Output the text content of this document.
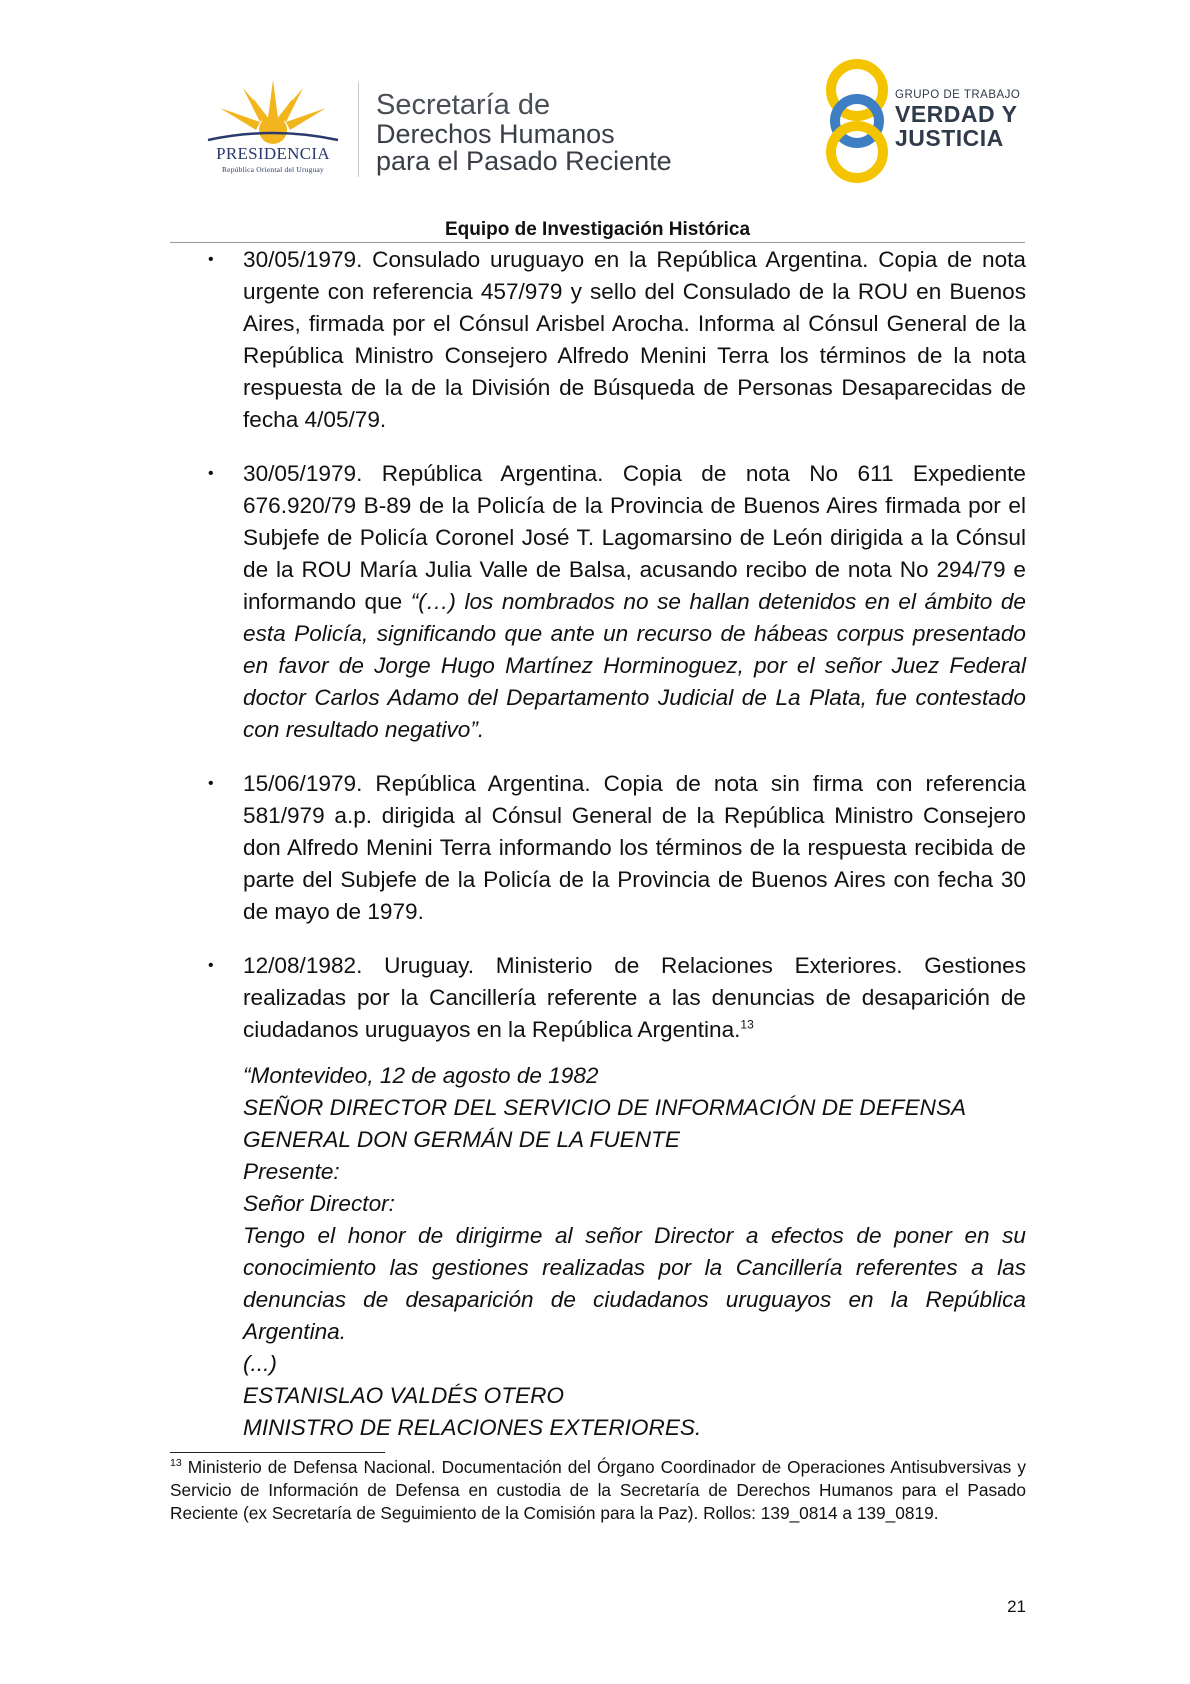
PRESIDENCIA
República Oriental del Uruguay
Secretaría de
Derechos Humanos
para el Pasado Reciente
GRUPO DE TRABAJO
VERDAD Y
JUSTICIA
Equipo de Investigación Histórica
• 30/05/1979. Consulado uruguayo en la República Argentina. Copia de nota urgente con referencia 457/979 y sello del Consulado de la ROU en Buenos Aires, firmada por el Cónsul Arisbel Arocha. Informa al Cónsul General de la República Ministro Consejero Alfredo Menini Terra los términos de la nota respuesta de la de la División de Búsqueda de Personas Desaparecidas de fecha 4/05/79.

• 30/05/1979. República Argentina. Copia de nota No 611 Expediente 676.920/79 B-89 de la Policía de la Provincia de Buenos Aires firmada por el Subjefe de Policía Coronel José T. Lagomarsino de León dirigida a la Cónsul de la ROU María Julia Valle de Balsa, acusando recibo de nota No 294/79 e informando que “(…) los nombrados no se hallan detenidos en el ámbito de esta Policía, significando que ante un recurso de hábeas corpus presentado en favor de Jorge Hugo Martínez Horminoguez, por el señor Juez Federal doctor Carlos Adamo del Departamento Judicial de La Plata, fue contestado con resultado negativo”.

• 15/06/1979. República Argentina. Copia de nota sin firma con referencia 581/979 a.p. dirigida al Cónsul General de la República Ministro Consejero don Alfredo Menini Terra informando los términos de la respuesta recibida de parte del Subjefe de la Policía de la Provincia de Buenos Aires con fecha 30 de mayo de 1979.

• 12/08/1982. Uruguay. Ministerio de Relaciones Exteriores. Gestiones realizadas por la Cancillería referente a las denuncias de desaparición de ciudadanos uruguayos en la República Argentina.$^{13}$

“Montevideo, 12 de agosto de 1982
SEÑOR DIRECTOR DEL SERVICIO DE INFORMACIÓN DE DEFENSA
GENERAL DON GERMÁN DE LA FUENTE
Presente:
Señor Director:
Tengo el honor de dirigirme al señor Director a efectos de poner en su conocimiento las gestiones realizadas por la Cancillería referentes a las denuncias de desaparición de ciudadanos uruguayos en la República Argentina.
(...)
ESTANISLAO VALDÉS OTERO
MINISTRO DE RELACIONES EXTERIORES.
$^{13}$ Ministerio de Defensa Nacional. Documentación del Órgano Coordinador de Operaciones Antisubversivas y Servicio de Información de Defensa en custodia de la Secretaría de Derechos Humanos para el Pasado Reciente (ex Secretaría de Seguimiento de la Comisión para la Paz). Rollos: 139_0814 a 139_0819.
21
